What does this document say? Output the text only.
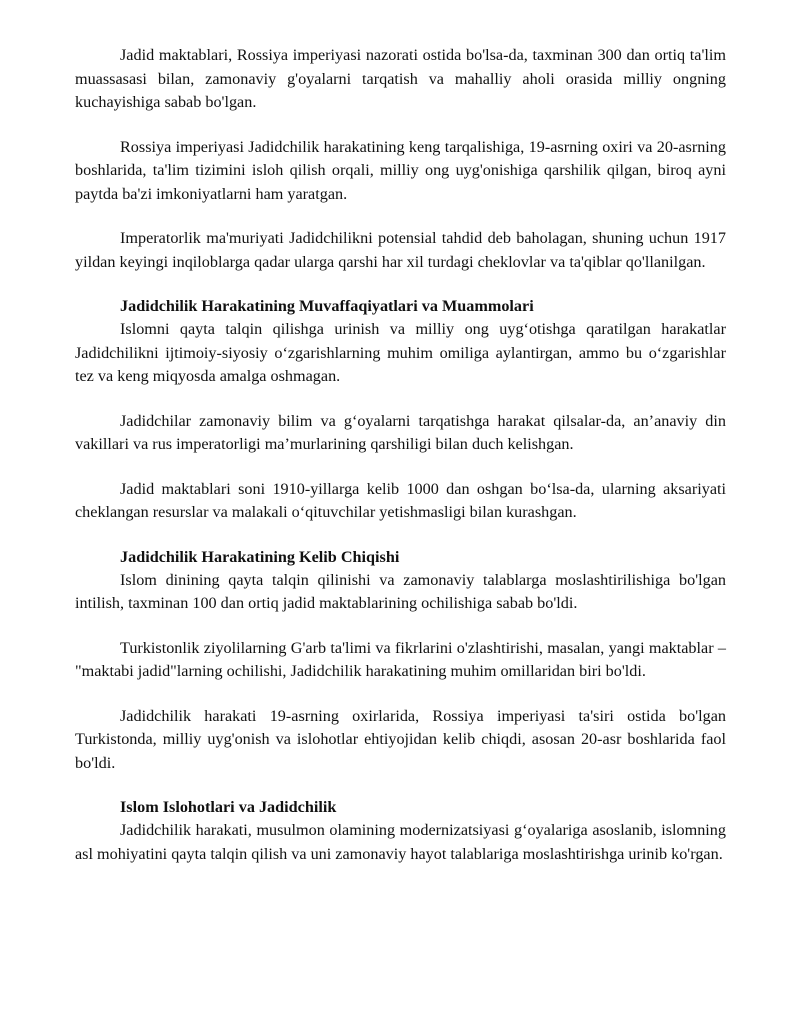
Jadid maktablari, Rossiya imperiyasi nazorati ostida bo'lsa-da, taxminan 300 dan ortiq ta'lim muassasasi bilan, zamonaviy g'oyalarni tarqatish va mahalliy aholi orasida milliy ongning kuchayishiga sabab bo'lgan.

Rossiya imperiyasi Jadidchilik harakatining keng tarqalishiga, 19-asrning oxiri va 20-asrning boshlarida, ta'lim tizimini isloh qilish orqali, milliy ong uyg'onishiga qarshilik qilgan, biroq ayni paytda ba'zi imkoniyatlarni ham yaratgan.

Imperatorlik ma'muriyati Jadidchilikni potensial tahdid deb baholagan, shuning uchun 1917 yildan keyingi inqiloblarga qadar ularga qarshi har xil turdagi cheklovlar va ta'qiblar qo'llanilgan.

Jadidchilik Harakatining Muvaffaqiyatlari va Muammolari

Islomni qayta talqin qilishga urinish va milliy ong uyg‘otishga qaratilgan harakatlar Jadidchilikni ijtimoiy-siyosiy o‘zgarishlarning muhim omiliga aylantirgan, ammo bu o‘zgarishlar tez va keng miqyosda amalga oshmagan.

Jadidchilar zamonaviy bilim va g‘oyalarni tarqatishga harakat qilsalar-da, an’anaviy din vakillari va rus imperatorligi ma’murlarining qarshiligi bilan duch kelishgan.

Jadid maktablari soni 1910-yillarga kelib 1000 dan oshgan bo‘lsa-da, ularning aksariyati cheklangan resurslar va malakali o‘qituvchilar yetishmasligi bilan kurashgan.

Jadidchilik Harakatining Kelib Chiqishi

Islom dinining qayta talqin qilinishi va zamonaviy talablarga moslashtirilishiga bo'lgan intilish, taxminan 100 dan ortiq jadid maktablarining ochilishiga sabab bo'ldi.

Turkistonlik ziyolilarning G'arb ta'limi va fikrlarini o'zlashtirishi, masalan, yangi maktablar – "maktabi jadid"larning ochilishi, Jadidchilik harakatining muhim omillaridan biri bo'ldi.

Jadidchilik harakati 19-asrning oxirlarida, Rossiya imperiyasi ta'siri ostida bo'lgan Turkistonda, milliy uyg'onish va islohotlar ehtiyojidan kelib chiqdi, asosan 20-asr boshlarida faol bo'ldi.

Islom Islohotlari va Jadidchilik

Jadidchilik harakati, musulmon olamining modernizatsiyasi g‘oyalariga asoslanib, islomning asl mohiyatini qayta talqin qilish va uni zamonaviy hayot talablariga moslashtirishga urinib ko'rgan.
